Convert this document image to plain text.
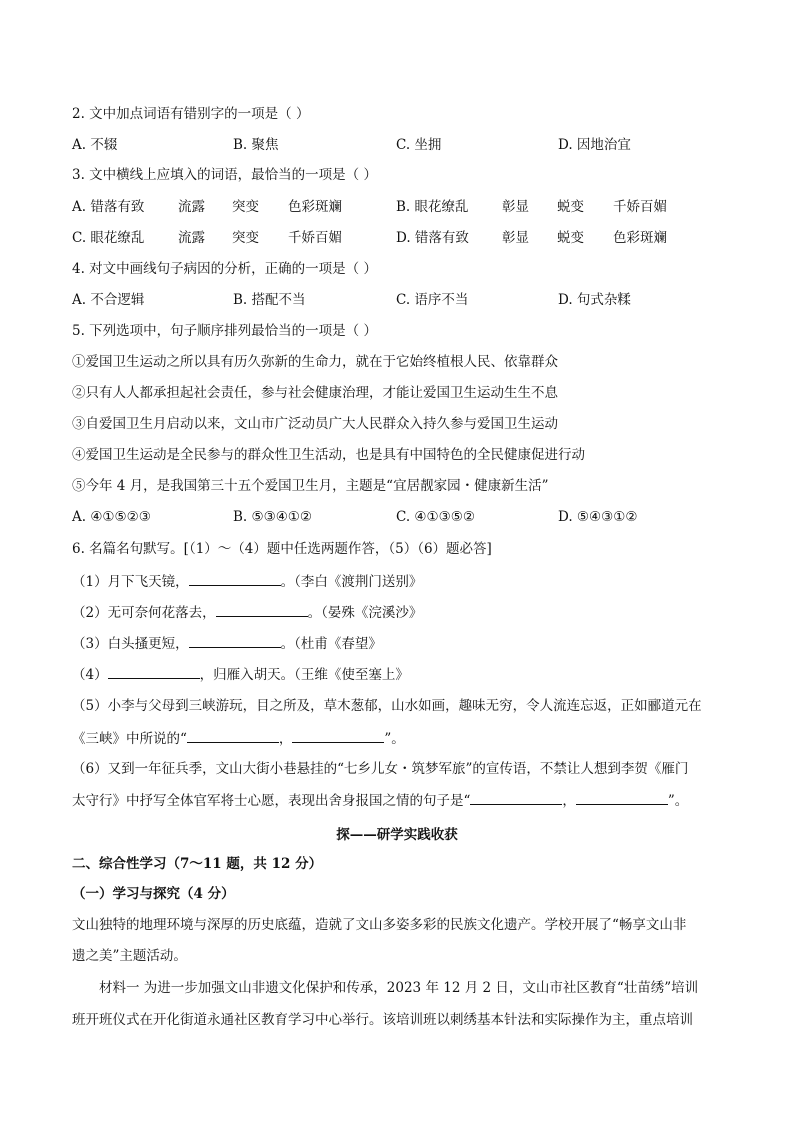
2. 文中加点词语有错别字的一项是（ ）
A. 不辍	B. 聚焦	C. 坐拥	D. 因地治宜
3. 文中横线上应填入的词语，最恰当的一项是（ ）
A. 错落有致 流露 突变 色彩斑斓	B. 眼花缭乱 彰显 蜕变 千娇百媚
C. 眼花缭乱 流露 突变 千娇百媚	D. 错落有致 彰显 蜕变 色彩斑斓
4. 对文中画线句子病因的分析，正确的一项是（ ）
A. 不合逻辑	B. 搭配不当	C. 语序不当	D. 句式杂糅
5. 下列选项中，句子顺序排列最恰当的一项是（ ）
①爱国卫生运动之所以具有历久弥新的生命力，就在于它始终植根人民、依靠群众
②只有人人都承担起社会责任，参与社会健康治理，才能让爱国卫生运动生生不息
③自爱国卫生月启动以来，文山市广泛动员广大人民群众入持久参与爱国卫生运动
④爱国卫生运动是全民参与的群众性卫生活动，也是具有中国特色的全民健康促进行动
⑤今年 4 月，是我国第三十五个爱国卫生月，主题是“宜居靓家园・健康新生活”
A. ④①⑤②③	B. ⑤③④①②	C. ④①③⑤②	D. ⑤④③①②
6. 名篇名句默写。[（1）～（4）题中任选两题作答，（5）（6）题必答]
（1）月下飞天镜，	。（李白《渡荆门送别》
（2）无可奈何花落去，	。（晏殊《浣溪沙》
（3）白头搔更短，	。（杜甫《春望》
（4）	，归雁入胡天。（王维《使至塞上》
（5）小李与父母到三峡游玩，目之所及，草木葱郁，山水如画，趣味无穷，令人流连忘返，正如郦道元在
《三峡》中所说的“	，	”。
（6）又到一年征兵季，文山大街小巷悬挂的“七乡儿女・筑梦军旅”的宣传语，不禁让人想到李贺《雁门
太守行》中抒写全体官军将士心愿，表现出舍身报国之情的句子是“	，	”。
探——研学实践收获
二、综合性学习（7～11 题，共 12 分）
（一）学习与探究（4 分）
文山独特的地理环境与深厚的历史底蕴，造就了文山多姿多彩的民族文化遗产。学校开展了“畅享文山非
遗之美”主题活动。
材料一 为进一步加强文山非遗文化保护和传承，2023 年 12 月 2 日，文山市社区教育“壮苗绣”培训
班开班仪式在开化街道永通社区教育学习中心举行。该培训班以刺绣基本针法和实际操作为主，重点培训
